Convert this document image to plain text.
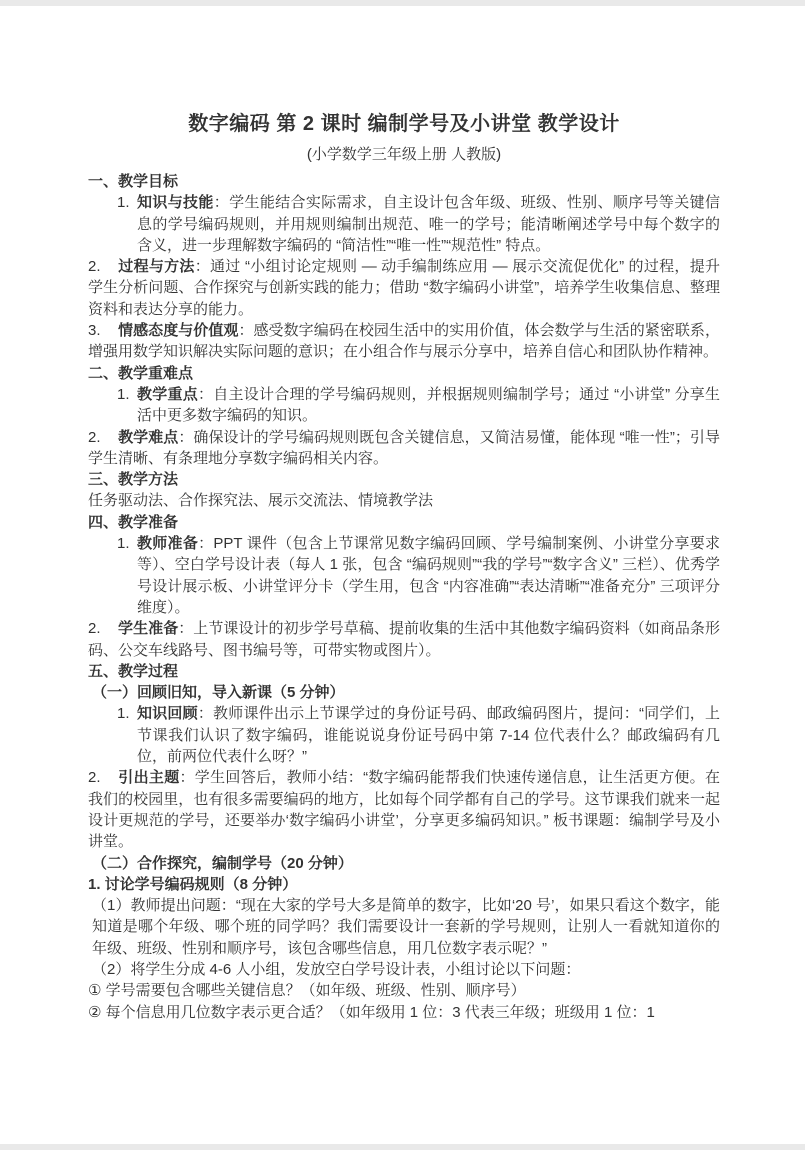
数字编码 第 2 课时 编制学号及小讲堂 教学设计
(小学数学三年级上册 人教版)
一、教学目标
1. 知识与技能：学生能结合实际需求，自主设计包含年级、班级、性别、顺序号等关键信息的学号编码规则，并用规则编制出规范、唯一的学号；能清晰阐述学号中每个数字的含义，进一步理解数字编码的 “简洁性”“唯一性”“规范性” 特点。
2. 过程与方法：通过 “小组讨论定规则 — 动手编制练应用 — 展示交流促优化” 的过程，提升学生分析问题、合作探究与创新实践的能力；借助 “数字编码小讲堂”，培养学生收集信息、整理资料和表达分享的能力。
3. 情感态度与价值观：感受数字编码在校园生活中的实用价值，体会数学与生活的紧密联系，增强用数学知识解决实际问题的意识；在小组合作与展示分享中，培养自信心和团队协作精神。
二、教学重难点
1. 教学重点：自主设计合理的学号编码规则，并根据规则编制学号；通过 “小讲堂” 分享生活中更多数字编码的知识。
2. 教学难点：确保设计的学号编码规则既包含关键信息，又简洁易懂，能体现 “唯一性”；引导学生清晰、有条理地分享数字编码相关内容。
三、教学方法
任务驱动法、合作探究法、展示交流法、情境教学法
四、教学准备
1. 教师准备：PPT 课件（包含上节课常见数字编码回顾、学号编制案例、小讲堂分享要求等）、空白学号设计表（每人 1 张，包含 “编码规则”“我的学号”“数字含义” 三栏）、优秀学号设计展示板、小讲堂评分卡（学生用，包含 “内容准确”“表达清晰”“准备充分” 三项评分维度）。
2. 学生准备：上节课设计的初步学号草稿、提前收集的生活中其他数字编码资料（如商品条形码、公交车线路号、图书编号等，可带实物或图片）。
五、教学过程
（一）回顾旧知，导入新课（5 分钟）
1. 知识回顾：教师课件出示上节课学过的身份证号码、邮政编码图片，提问：“同学们，上节课我们认识了数字编码，谁能说说身份证号码中第 7-14 位代表什么？邮政编码有几位，前两位代表什么呀？”
2. 引出主题：学生回答后，教师小结：“数字编码能帮我们快速传递信息，让生活更方便。在我们的校园里，也有很多需要编码的地方，比如每个同学都有自己的学号。这节课我们就来一起设计更规范的学号，还要举办‘数字编码小讲堂’，分享更多编码知识。” 板书课题：编制学号及小讲堂。
（二）合作探究，编制学号（20 分钟）
1. 讨论学号编码规则（8 分钟）
（1）教师提出问题：“现在大家的学号大多是简单的数字，比如‘20 号’，如果只看这个数字，能知道是哪个年级、哪个班的同学吗？我们需要设计一套新的学号规则，让别人一看就知道你的年级、班级、性别和顺序号，该包含哪些信息，用几位数字表示呢？”
（2）将学生分成 4-6 人小组，发放空白学号设计表，小组讨论以下问题：
① 学号需要包含哪些关键信息？（如年级、班级、性别、顺序号）
② 每个信息用几位数字表示更合适？（如年级用 1 位：3 代表三年级；班级用 1 位：1
